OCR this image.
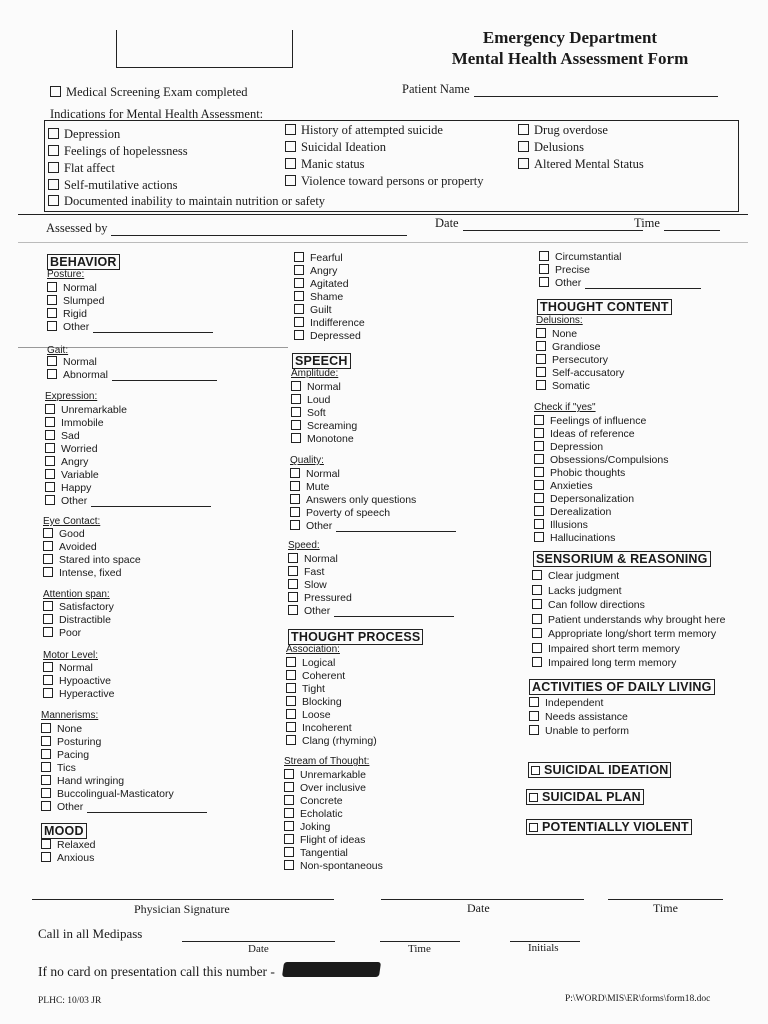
Emergency Department
Mental Health Assessment Form
Medical Screening Exam completed	Patient Name
Indications for Mental Health Assessment:
Depression
Feelings of hopelessness
Flat affect
Self-mutilative actions
History of attempted suicide
Suicidal Ideation
Manic status
Violence toward persons or property
Drug overdose
Delusions
Altered Mental Status
Documented inability to maintain nutrition or safety
Assessed by	Date	Time
BEHAVIOR
Posture:
Normal
Slumped
Rigid
Other
Gait:
Normal
Abnormal
Expression:
Unremarkable
Immobile
Sad
Worried
Angry
Variable
Happy
Other
Eye Contact:
Good
Avoided
Stared into space
Intense, fixed
Attention span:
Satisfactory
Distractible
Poor
Motor Level:
Normal
Hypoactive
Hyperactive
Mannerisms:
None
Posturing
Pacing
Tics
Hand wringing
Buccolingual-Masticatory
Other
MOOD
Relaxed
Anxious
Fearful
Angry
Agitated
Shame
Guilt
Indifference
Depressed
SPEECH
Amplitude:
Normal
Loud
Soft
Screaming
Monotone
Quality:
Normal
Mute
Answers only questions
Poverty of speech
Other
Speed:
Normal
Fast
Slow
Pressured
Other
THOUGHT PROCESS
Association:
Logical
Coherent
Tight
Blocking
Loose
Incoherent
Clang (rhyming)
Stream of Thought:
Unremarkable
Over inclusive
Concrete
Echolatic
Joking
Flight of ideas
Tangential
Non-spontaneous
Circumstantial
Precise
Other
THOUGHT CONTENT
Delusions:
None
Grandiose
Persecutory
Self-accusatory
Somatic
Check if "yes"
Feelings of influence
Ideas of reference
Depression
Obsessions/Compulsions
Phobic thoughts
Anxieties
Depersonalization
Derealization
Illusions
Hallucinations
SENSORIUM & REASONING
Clear judgment
Lacks judgment
Can follow directions
Patient understands why brought here
Appropriate long/short term memory
Impaired short term memory
Impaired long term memory
ACTIVITIES OF DAILY LIVING
Independent
Needs assistance
Unable to perform
SUICIDAL IDEATION
SUICIDAL PLAN
POTENTIALLY VIOLENT
Physician Signature	Date	Time
Call in all Medipass
Date	Time	Initials
If no card on presentation call this number -
PLHC: 10/03 JR	P:\WORD\MIS\ER\forms\form18.doc
